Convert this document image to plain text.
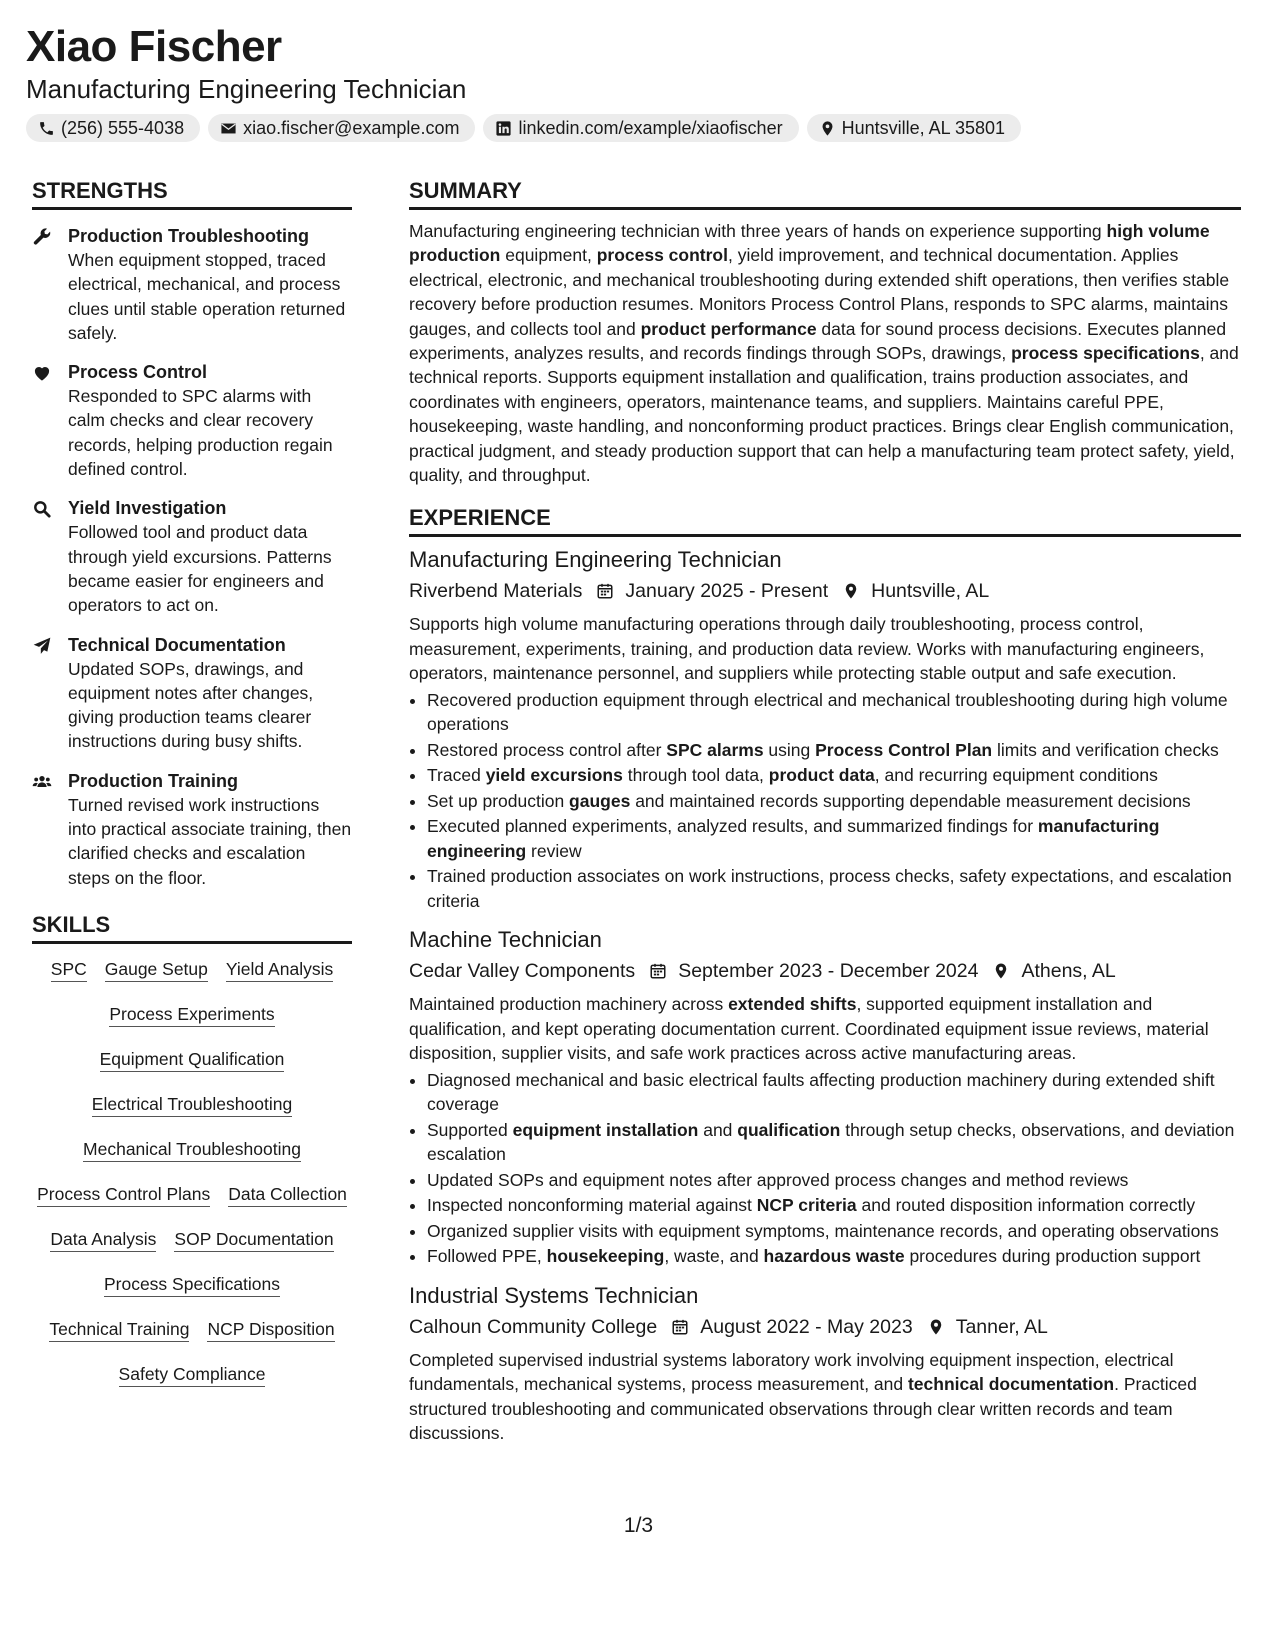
Xiao Fischer
Manufacturing Engineering Technician
(256) 555-4038	xiao.fischer@example.com	linkedin.com/example/xiaofischer	Huntsville, AL 35801
STRENGTHS
Production Troubleshooting
When equipment stopped, traced electrical, mechanical, and process clues until stable operation returned safely.
Process Control
Responded to SPC alarms with calm checks and clear recovery records, helping production regain defined control.
Yield Investigation
Followed tool and product data through yield excursions. Patterns became easier for engineers and operators to act on.
Technical Documentation
Updated SOPs, drawings, and equipment notes after changes, giving production teams clearer instructions during busy shifts.
Production Training
Turned revised work instructions into practical associate training, then clarified checks and escalation steps on the floor.
SKILLS
SPC Gauge Setup Yield Analysis
Process Experiments
Equipment Qualification
Electrical Troubleshooting
Mechanical Troubleshooting
Process Control Plans Data Collection
Data Analysis SOP Documentation
Process Specifications
Technical Training NCP Disposition
Safety Compliance
SUMMARY

Manufacturing engineering technician with three years of hands on experience supporting high volume production equipment, process control, yield improvement, and technical documentation. Applies electrical, electronic, and mechanical troubleshooting during extended shift operations, then verifies stable recovery before production resumes. Monitors Process Control Plans, responds to SPC alarms, maintains gauges, and collects tool and product performance data for sound process decisions. Executes planned experiments, analyzes results, and records findings through SOPs, drawings, process specifications, and technical reports. Supports equipment installation and qualification, trains production associates, and coordinates with engineers, operators, maintenance teams, and suppliers. Maintains careful PPE, housekeeping, waste handling, and nonconforming product practices. Brings clear English communication, practical judgment, and steady production support that can help a manufacturing team protect safety, yield, quality, and throughput.

EXPERIENCE
Manufacturing Engineering Technician
Riverbend Materials January 2025 - Present Huntsville, AL

Supports high volume manufacturing operations through daily troubleshooting, process control, measurement, experiments, training, and production data review. Works with manufacturing engineers, operators, maintenance personnel, and suppliers while protecting stable output and safe execution.

• Recovered production equipment through electrical and mechanical troubleshooting during high volume operations
• Restored process control after SPC alarms using Process Control Plan limits and verification checks
• Traced yield excursions through tool data, product data, and recurring equipment conditions
• Set up production gauges and maintained records supporting dependable measurement decisions
• Executed planned experiments, analyzed results, and summarized findings for manufacturing engineering review
• Trained production associates on work instructions, process checks, safety expectations, and escalation criteria
Machine Technician
Cedar Valley Components September 2023 - December 2024 Athens, AL

Maintained production machinery across extended shifts, supported equipment installation and qualification, and kept operating documentation current. Coordinated equipment issue reviews, material disposition, supplier visits, and safe work practices across active manufacturing areas.

• Diagnosed mechanical and basic electrical faults affecting production machinery during extended shift coverage
• Supported equipment installation and qualification through setup checks, observations, and deviation escalation
• Updated SOPs and equipment notes after approved process changes and method reviews
• Inspected nonconforming material against NCP criteria and routed disposition information correctly
• Organized supplier visits with equipment symptoms, maintenance records, and operating observations
• Followed PPE, housekeeping, waste, and hazardous waste procedures during production support
Industrial Systems Technician
Calhoun Community College August 2022 - May 2023 Tanner, AL

Completed supervised industrial systems laboratory work involving equipment inspection, electrical fundamentals, mechanical systems, process measurement, and technical documentation. Practiced structured troubleshooting and communicated observations through clear written records and team discussions.

1/3
